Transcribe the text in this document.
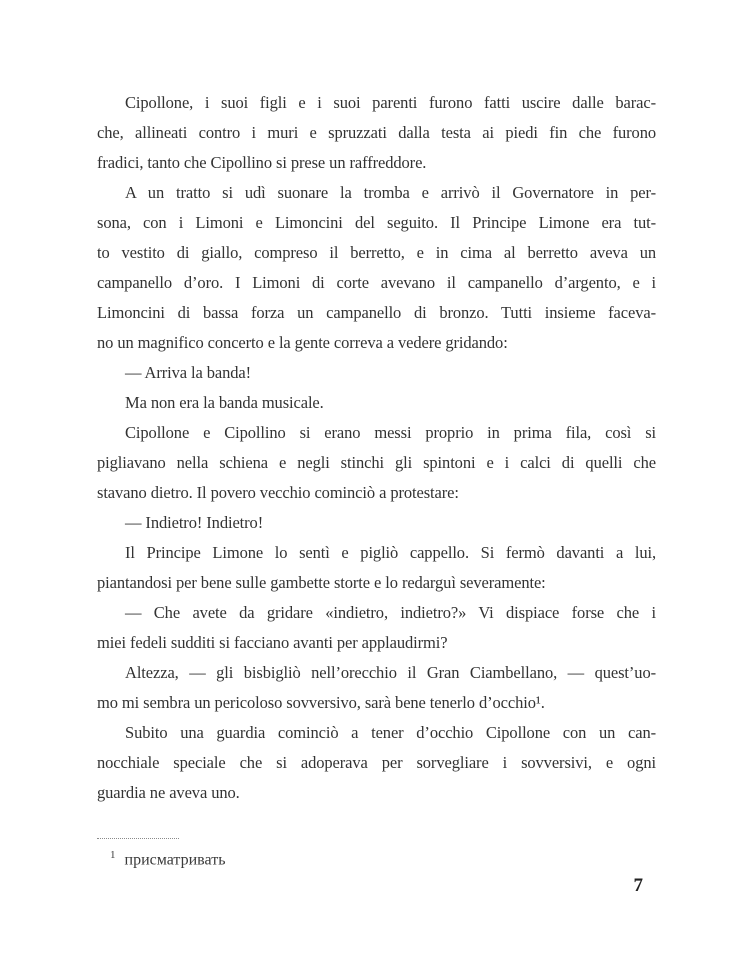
Cipollone, i suoi figli e i suoi parenti furono fatti uscire dalle barac-
che, allineati contro i muri e spruzzati dalla testa ai piedi fin che furono
fradici, tanto che Cipollino si prese un raffreddore.
A un tratto si udì suonare la tromba e arrivò il Governatore in per-
sona, con i Limoni e Limoncini del seguito. Il Principe Limone era tut-
to vestito di giallo, compreso il berretto, e in cima al berretto aveva un
campanello d’oro. I Limoni di corte avevano il campanello d’argento, e i
Limoncini di bassa forza un campanello di bronzo. Tutti insieme faceva-
no un magnifico concerto e la gente correva a vedere gridando:
— Arriva la banda!
Ma non era la banda musicale.
Cipollone e Cipollino si erano messi proprio in prima fila, così si
pigliavano nella schiena e negli stinchi gli spintoni e i calci di quelli che
stavano dietro. Il povero vecchio cominciò a protestare:
— Indietro! Indietro!
Il Principe Limone lo sentì e pigliò cappello. Si fermò davanti a lui,
piantandosi per bene sulle gambette storte e lo redarguì severamente:
— Che avete da gridare «indietro, indietro?» Vi dispiace forse che i
miei fedeli sudditi si facciano avanti per applaudirmi?
Altezza, — gli bisbigliò nell’orecchio il Gran Ciambellano, — quest’uo-
mo mi sembra un pericoloso sovversivo, sarà bene tenerlo d’occhio¹.
Subito una guardia cominciò a tener d’occhio Cipollone con un can-
nocchiale speciale che si adoperava per sorvegliare i sovversivi, e ogni
guardia ne aveva uno.
$^1$ присматривать
7
